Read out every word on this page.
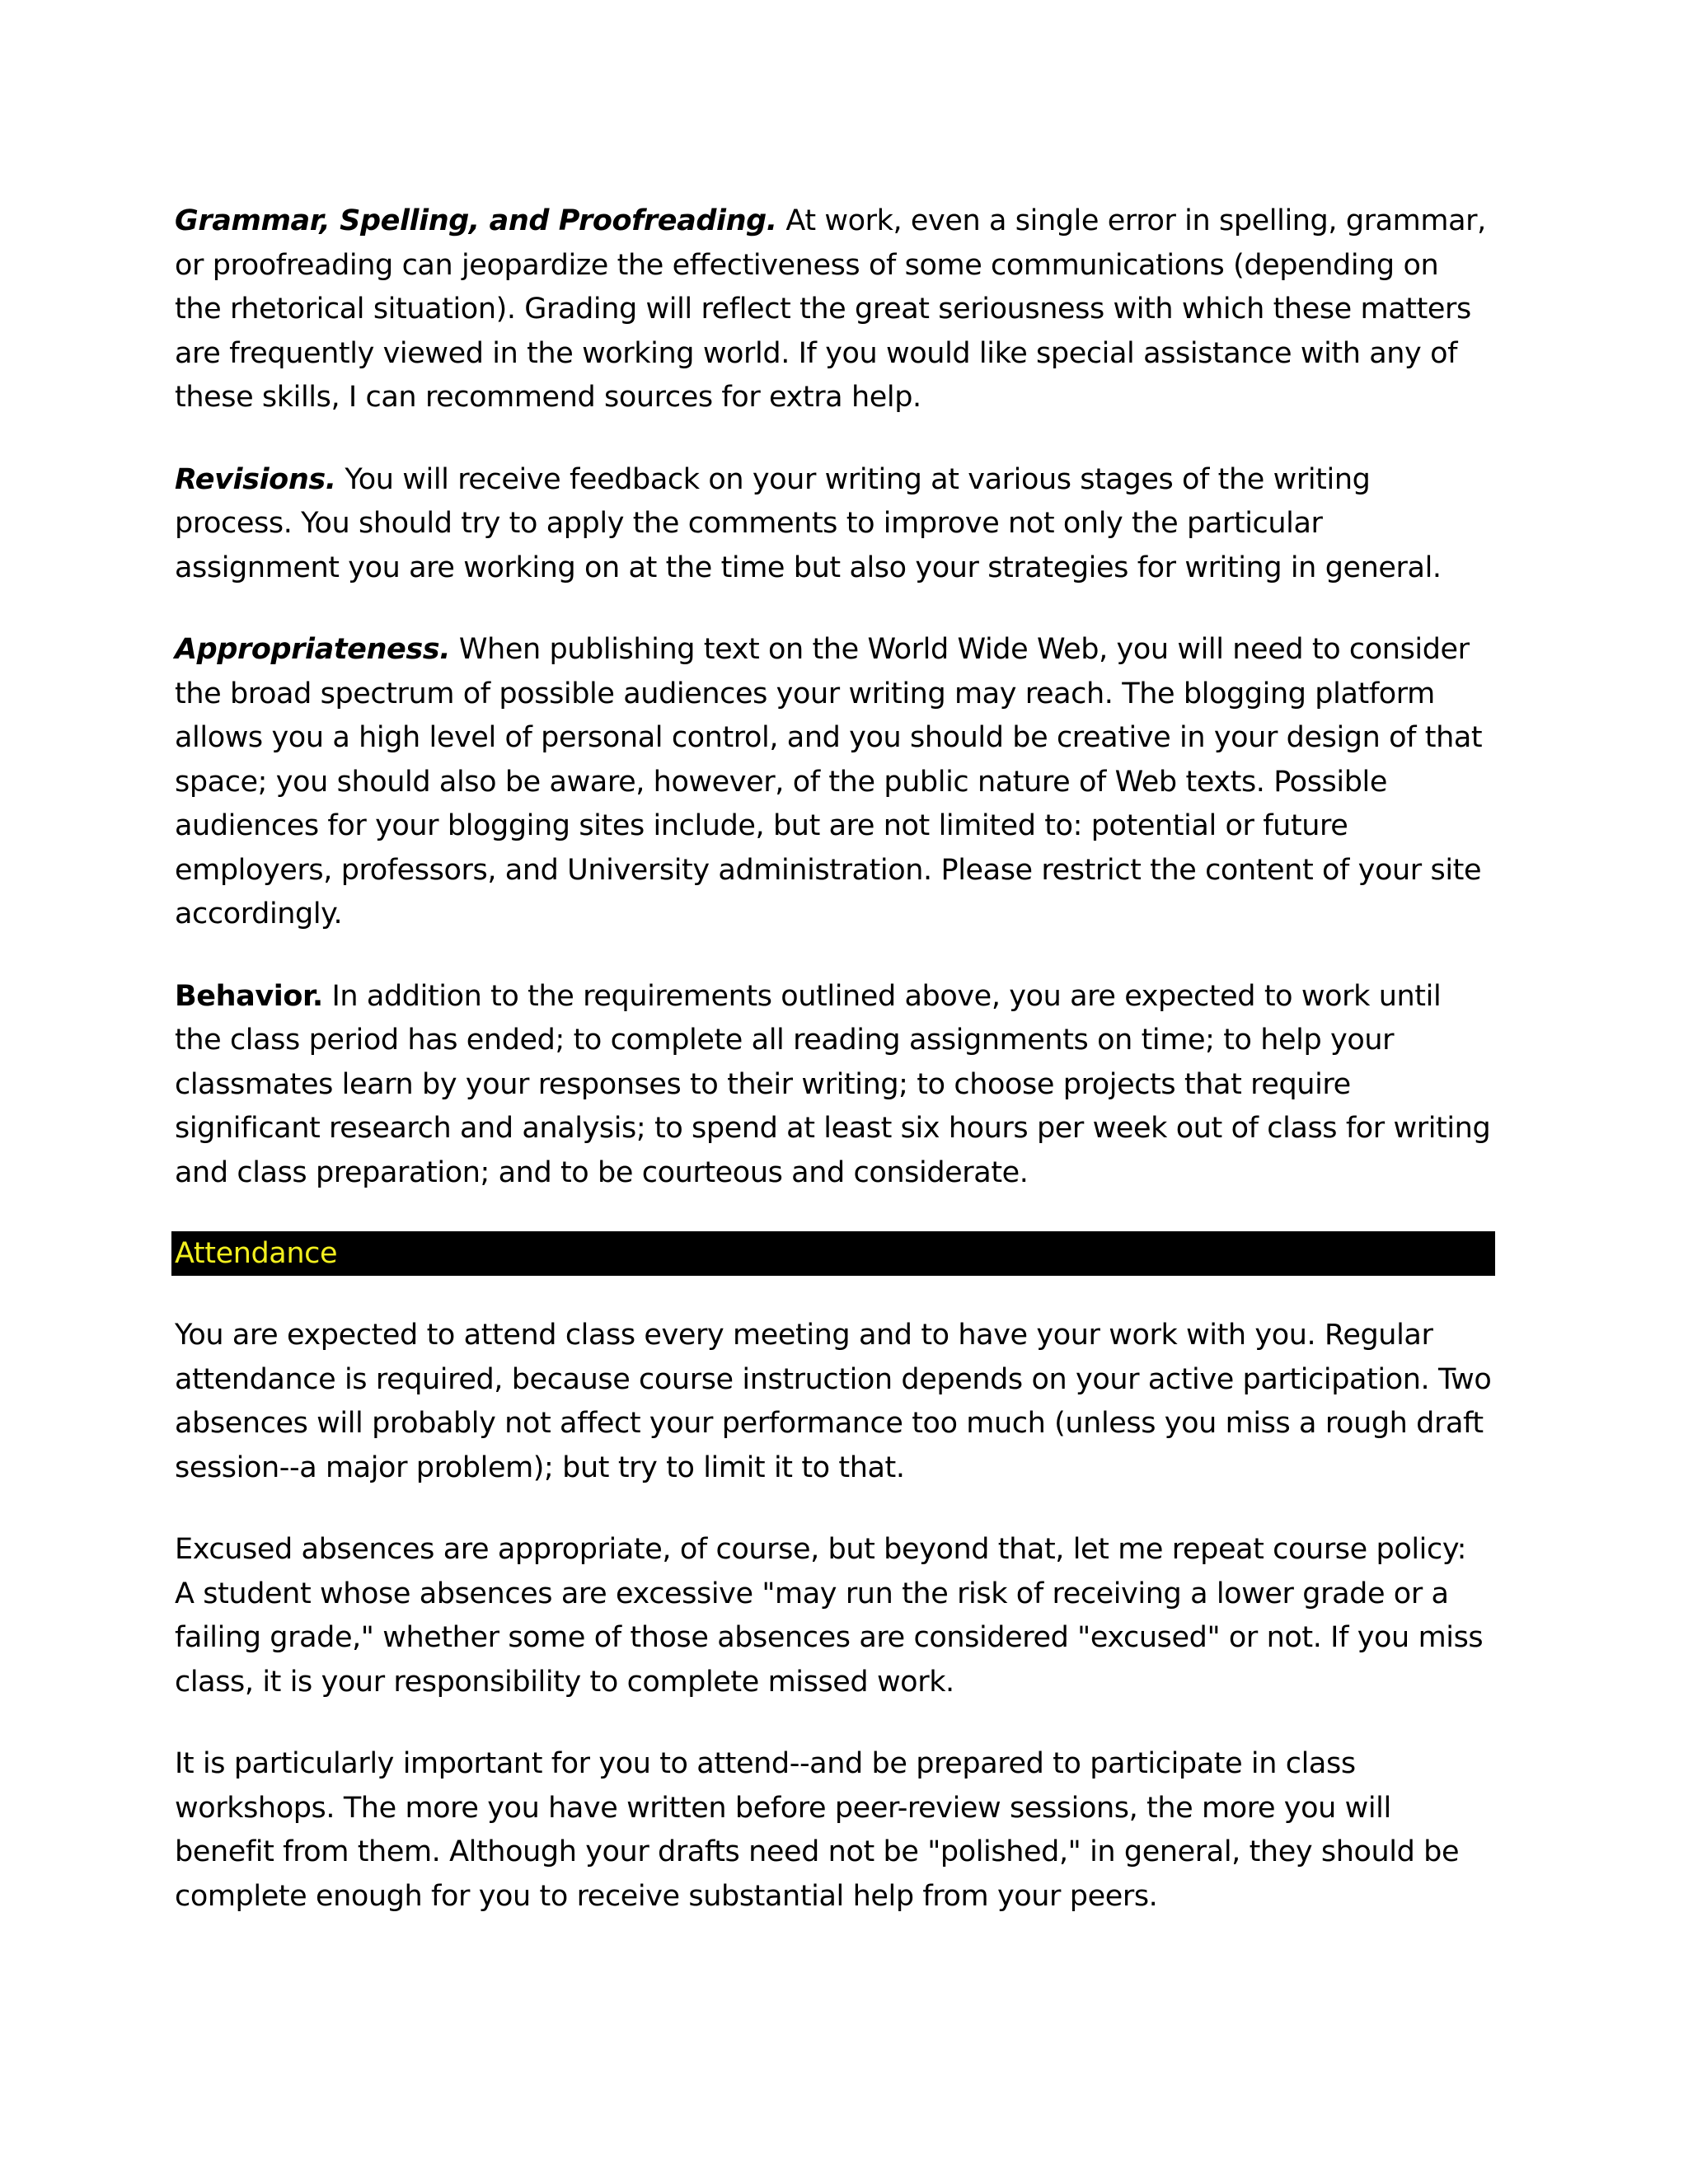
Grammar, Spelling, and Proofreading. At work, even a single error in spelling, grammar, or proofreading can jeopardize the effectiveness of some communications (depending on the rhetorical situation). Grading will reflect the great seriousness with which these matters are frequently viewed in the working world. If you would like special assistance with any of these skills, I can recommend sources for extra help.

Revisions. You will receive feedback on your writing at various stages of the writing process. You should try to apply the comments to improve not only the particular assignment you are working on at the time but also your strategies for writing in general.

Appropriateness. When publishing text on the World Wide Web, you will need to consider the broad spectrum of possible audiences your writing may reach. The blogging platform allows you a high level of personal control, and you should be creative in your design of that space; you should also be aware, however, of the public nature of Web texts. Possible audiences for your blogging sites include, but are not limited to: potential or future employers, professors, and University administration. Please restrict the content of your site accordingly.

Behavior. In addition to the requirements outlined above, you are expected to work until the class period has ended; to complete all reading assignments on time; to help your classmates learn by your responses to their writing; to choose projects that require significant research and analysis; to spend at least six hours per week out of class for writing and class preparation; and to be courteous and considerate.

Attendance

You are expected to attend class every meeting and to have your work with you. Regular attendance is required, because course instruction depends on your active participation. Two absences will probably not affect your performance too much (unless you miss a rough draft session--a major problem); but try to limit it to that.

Excused absences are appropriate, of course, but beyond that, let me repeat course policy: A student whose absences are excessive "may run the risk of receiving a lower grade or a failing grade," whether some of those absences are considered "excused" or not. If you miss class, it is your responsibility to complete missed work.

It is particularly important for you to attend--and be prepared to participate in class workshops. The more you have written before peer-review sessions, the more you will benefit from them. Although your drafts need not be "polished," in general, they should be complete enough for you to receive substantial help from your peers.
